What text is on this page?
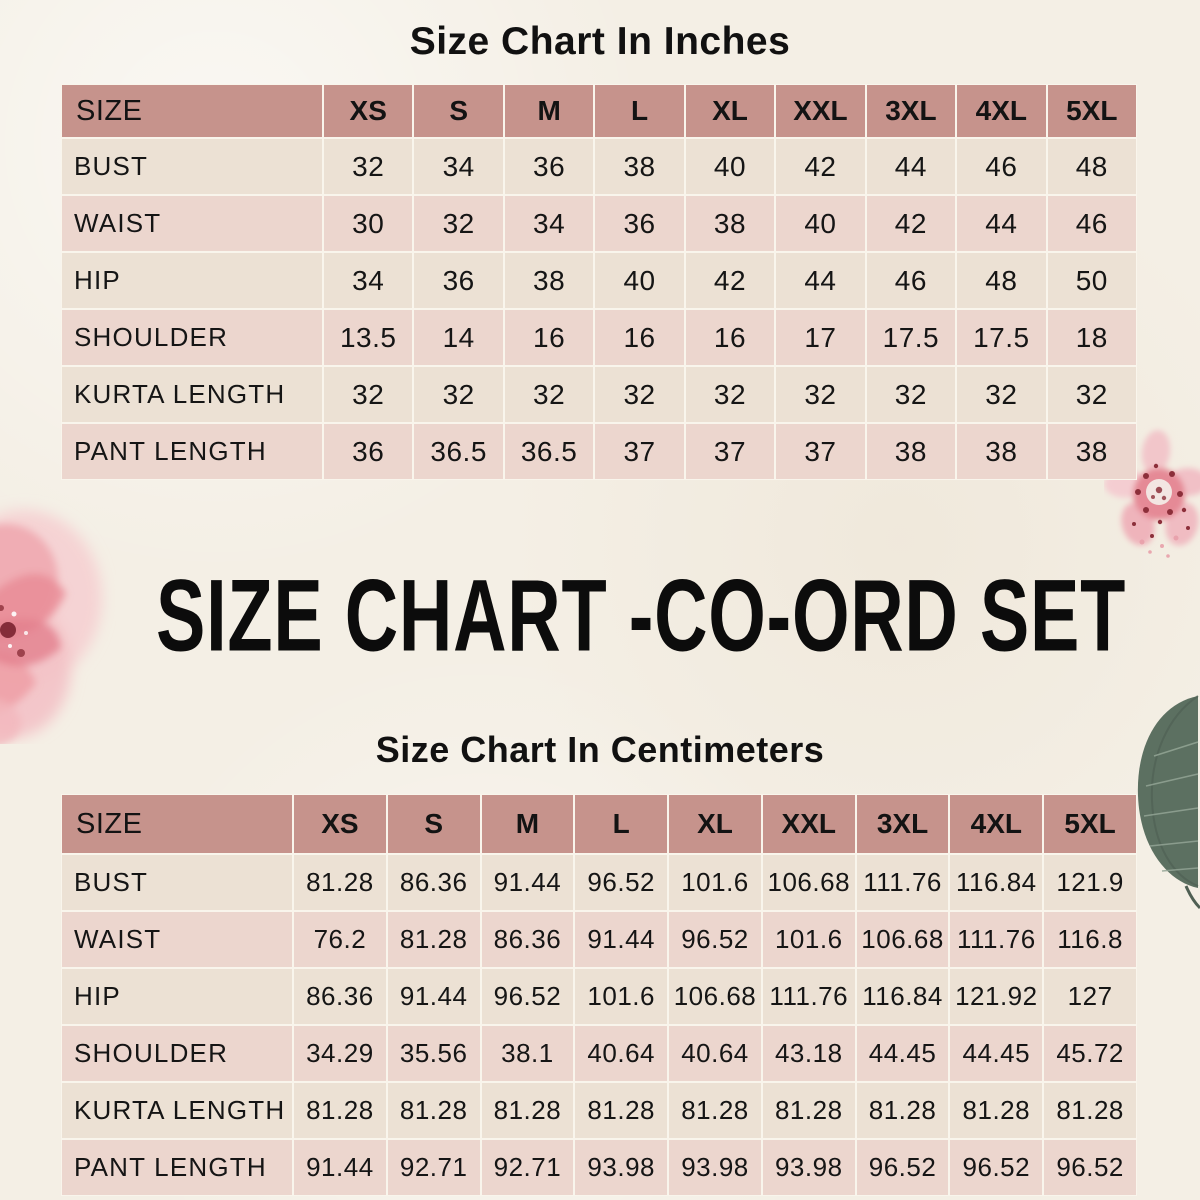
Size Chart In Inches
SIZE CHART -CO-ORD SET
Size Chart In Centimeters
SIZE	XS	S	M	L	XL	XXL	3XL	4XL	5XL
BUST	32	34	36	38	40	42	44	46	48
WAIST	30	32	34	36	38	40	42	44	46
HIP	34	36	38	40	42	44	46	48	50
SHOULDER	13.5	14	16	16	16	17	17.5	17.5	18
KURTA LENGTH	32	32	32	32	32	32	32	32	32
PANT LENGTH	36	36.5	36.5	37	37	37	38	38	38
SIZE	XS	S	M	L	XL	XXL	3XL	4XL	5XL
BUST	81.28	86.36	91.44	96.52	101.6 106.68 111.76 116.84 121.9
WAIST	76.2	81.28	86.36	91.44	96.52	101.6 106.68 111.76 116.8
HIP	86.36	91.44	96.52	101.6 106.68 111.76 116.84 121.92	127
SHOULDER	34.29	35.56	38.1	40.64	40.64	43.18	44.45	44.45	45.72
KURTA LENGTH 81.28	81.28	81.28	81.28	81.28	81.28	81.28	81.28	81.28
PANT LENGTH	91.44	92.71	92.71	93.98	93.98	93.98	96.52	96.52	96.52
